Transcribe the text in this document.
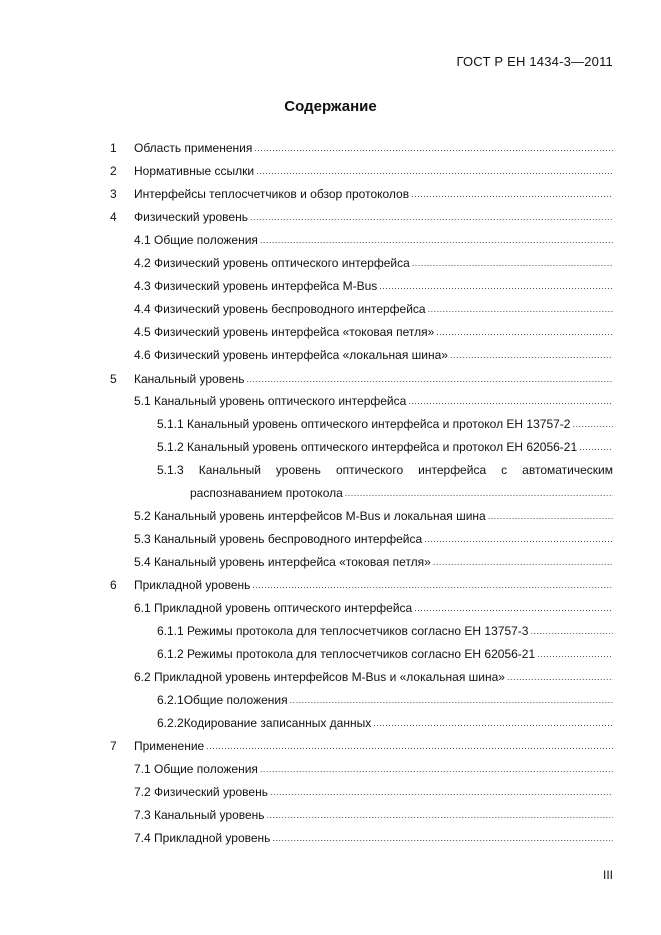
ГОСТ Р ЕН 1434-3—2011
Содержание
1	Область применения
.....
2	Нормативные ссылки
.....
3	Интерфейсы теплосчетчиков и обзор протоколов
.....
4	Физический уровень
.....
4.1 Общие положения
.....
4.2 Физический уровень оптического интерфейса
.....
4.3 Физический уровень интерфейса M-Bus
.....
4.4 Физический уровень беспроводного интерфейса
.....
4.5 Физический уровень интерфейса «токовая петля»
.....
4.6 Физический уровень интерфейса «локальная шина»
.....
5	Канальный уровень
.....
5.1 Канальный уровень оптического интерфейса
.....
5.1.1 Канальный уровень оптического интерфейса и протокол ЕН 13757-2
.....
5.1.2 Канальный уровень оптического интерфейса и протокол ЕН 62056-21
.....
5.1.3 Канальный уровень оптического интерфейса с автоматическим
распознаванием протокола
.....
5.2 Канальный уровень интерфейсов M-Bus и локальная шина
.....
5.3 Канальный уровень беспроводного интерфейса
.....
5.4 Канальный уровень интерфейса «токовая петля»
.....
6	Прикладной уровень
.....
6.1 Прикладной уровень оптического интерфейса
.....
6.1.1 Режимы протокола для теплосчетчиков согласно ЕН 13757-3
.....
6.1.2 Режимы протокола для теплосчетчиков согласно ЕН 62056-21
.....
6.2 Прикладной уровень интерфейсов M-Bus и «локальная шина»
.....
6.2.1Общие положения
.....
6.2.2Кодирование записанных данных
.....
7	Применение
.....
7.1 Общие положения
.....
7.2 Физический уровень
.....
7.3 Канальный уровень
.....
7.4 Прикладной уровень
.....
III
